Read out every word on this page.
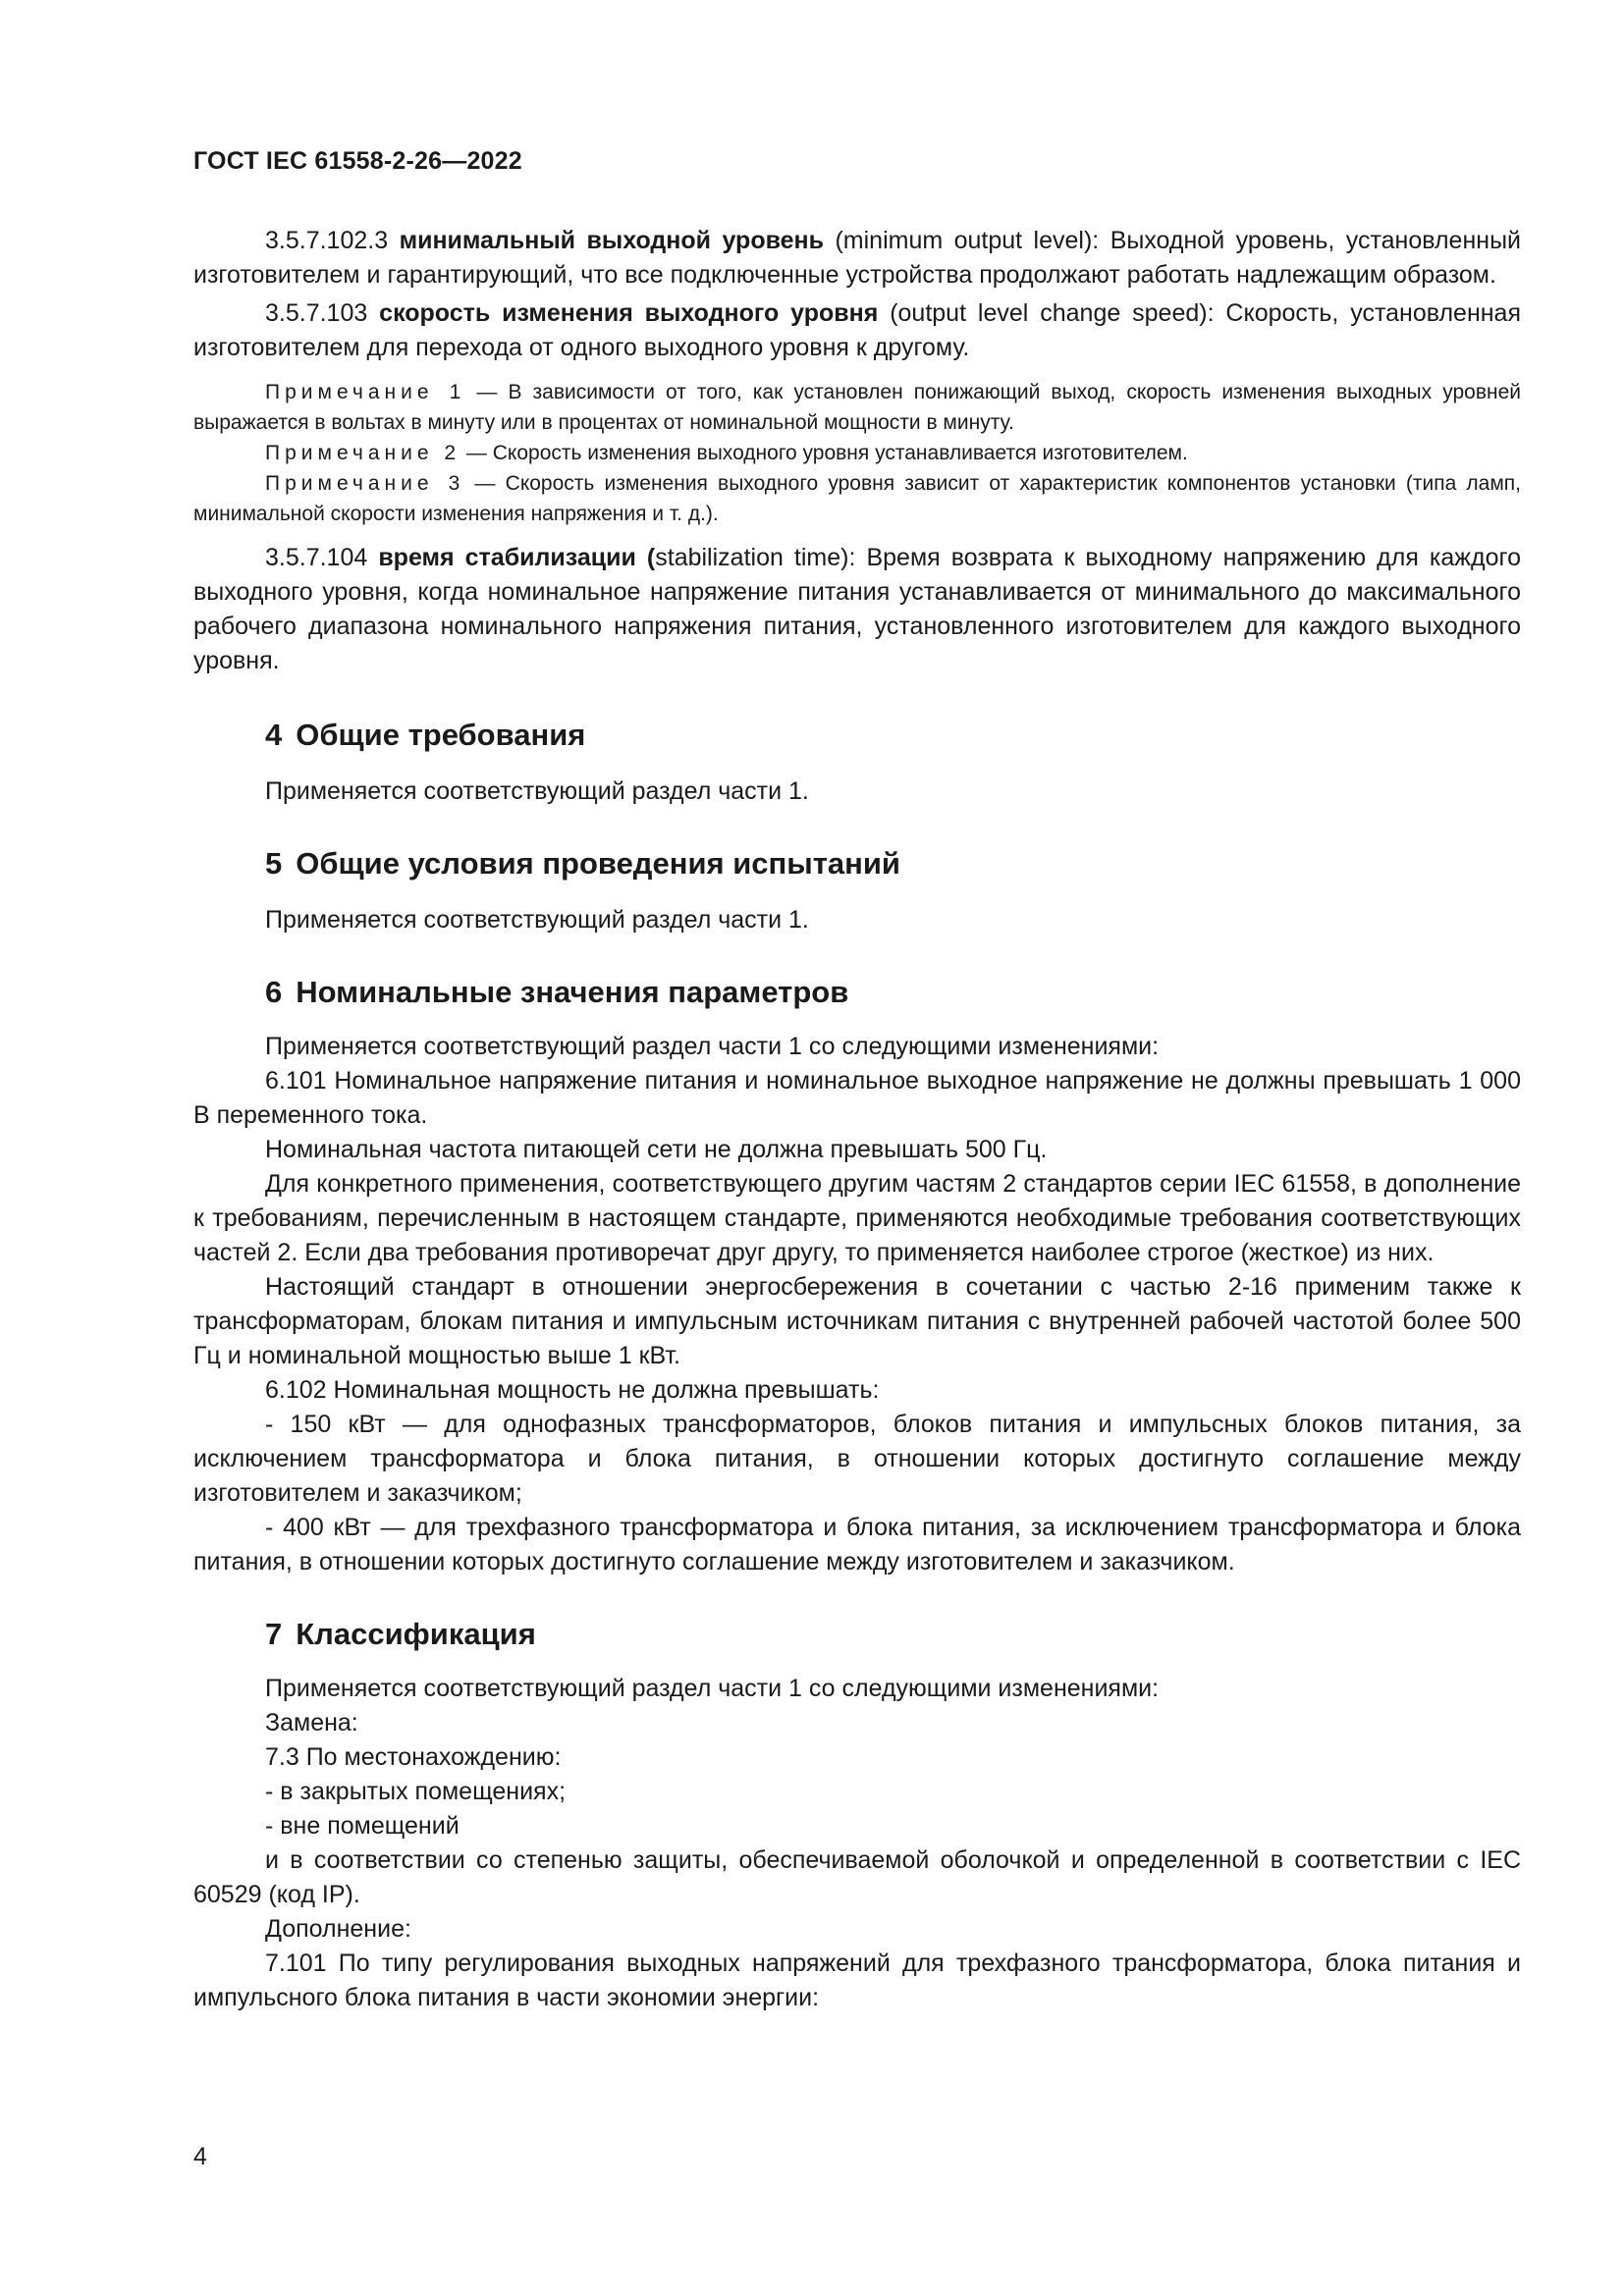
ГОСТ IEC 61558-2-26—2022

3.5.7.102.3 минимальный выходной уровень (minimum output level): Выходной уровень, установленный изготовителем и гарантирующий, что все подключенные устройства продолжают работать надлежащим образом.

3.5.7.103 скорость изменения выходного уровня (output level change speed): Скорость, установленная изготовителем для перехода от одного выходного уровня к другому.

Примечание 1 — В зависимости от того, как установлен понижающий выход, скорость изменения выходных уровней выражается в вольтах в минуту или в процентах от номинальной мощности в минуту.

Примечание 2 — Скорость изменения выходного уровня устанавливается изготовителем.

Примечание 3 — Скорость изменения выходного уровня зависит от характеристик компонентов установки (типа ламп, минимальной скорости изменения напряжения и т. д.).

3.5.7.104 время стабилизации (stabilization time): Время возврата к выходному напряжению для каждого выходного уровня, когда номинальное напряжение питания устанавливается от минимального до максимального рабочего диапазона номинального напряжения питания, установленного изготовителем для каждого выходного уровня.

4 Общие требования

Применяется соответствующий раздел части 1.

5 Общие условия проведения испытаний

Применяется соответствующий раздел части 1.

6 Номинальные значения параметров

Применяется соответствующий раздел части 1 со следующими изменениями:

6.101 Номинальное напряжение питания и номинальное выходное напряжение не должны превышать 1 000 В переменного тока.

Номинальная частота питающей сети не должна превышать 500 Гц.

Для конкретного применения, соответствующего другим частям 2 стандартов серии IEC 61558, в дополнение к требованиям, перечисленным в настоящем стандарте, применяются необходимые требования соответствующих частей 2. Если два требования противоречат друг другу, то применяется наиболее строгое (жесткое) из них.

Настоящий стандарт в отношении энергосбережения в сочетании с частью 2-16 применим также к трансформаторам, блокам питания и импульсным источникам питания с внутренней рабочей частотой более 500 Гц и номинальной мощностью выше 1 кВт.

6.102 Номинальная мощность не должна превышать:

- 150 кВт — для однофазных трансформаторов, блоков питания и импульсных блоков питания, за исключением трансформатора и блока питания, в отношении которых достигнуто соглашение между изготовителем и заказчиком;

- 400 кВт — для трехфазного трансформатора и блока питания, за исключением трансформатора и блока питания, в отношении которых достигнуто соглашение между изготовителем и заказчиком.

7 Классификация

Применяется соответствующий раздел части 1 со следующими изменениями:

Замена:

7.3 По местонахождению:

- в закрытых помещениях;

- вне помещений

и в соответствии со степенью защиты, обеспечиваемой оболочкой и определенной в соответствии с IEC 60529 (код IP).

Дополнение:

7.101 По типу регулирования выходных напряжений для трехфазного трансформатора, блока питания и импульсного блока питания в части экономии энергии:

4
